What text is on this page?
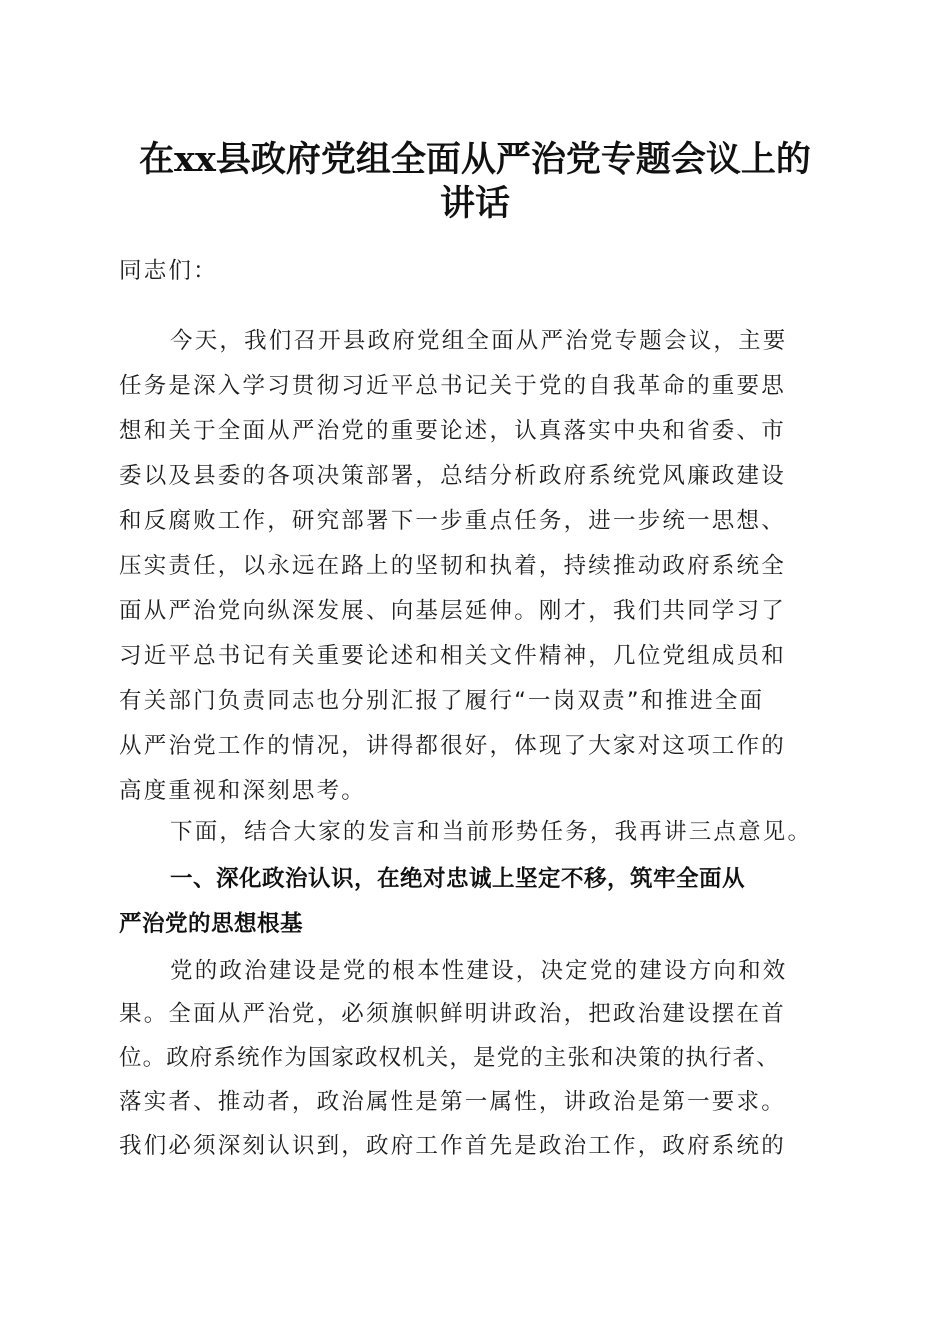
在xx县政府党组全面从严治党专题会议上的
讲话
同志们：
今天，我们召开县政府党组全面从严治党专题会议，主要
任务是深入学习贯彻习近平总书记关于党的自我革命的重要思
想和关于全面从严治党的重要论述，认真落实中央和省委、市
委以及县委的各项决策部署，总结分析政府系统党风廉政建设
和反腐败工作，研究部署下一步重点任务，进一步统一思想、
压实责任，以永远在路上的坚韧和执着，持续推动政府系统全
面从严治党向纵深发展、向基层延伸。刚才，我们共同学习了
习近平总书记有关重要论述和相关文件精神，几位党组成员和
有关部门负责同志也分别汇报了履行“一岗双责”和推进全面
从严治党工作的情况，讲得都很好，体现了大家对这项工作的
高度重视和深刻思考。
下面，结合大家的发言和当前形势任务，我再讲三点意见。
一、深化政治认识，在绝对忠诚上坚定不移，筑牢全面从
严治党的思想根基
党的政治建设是党的根本性建设，决定党的建设方向和效
果。全面从严治党，必须旗帜鲜明讲政治，把政治建设摆在首
位。政府系统作为国家政权机关，是党的主张和决策的执行者、
落实者、推动者，政治属性是第一属性，讲政治是第一要求。
我们必须深刻认识到，政府工作首先是政治工作，政府系统的
